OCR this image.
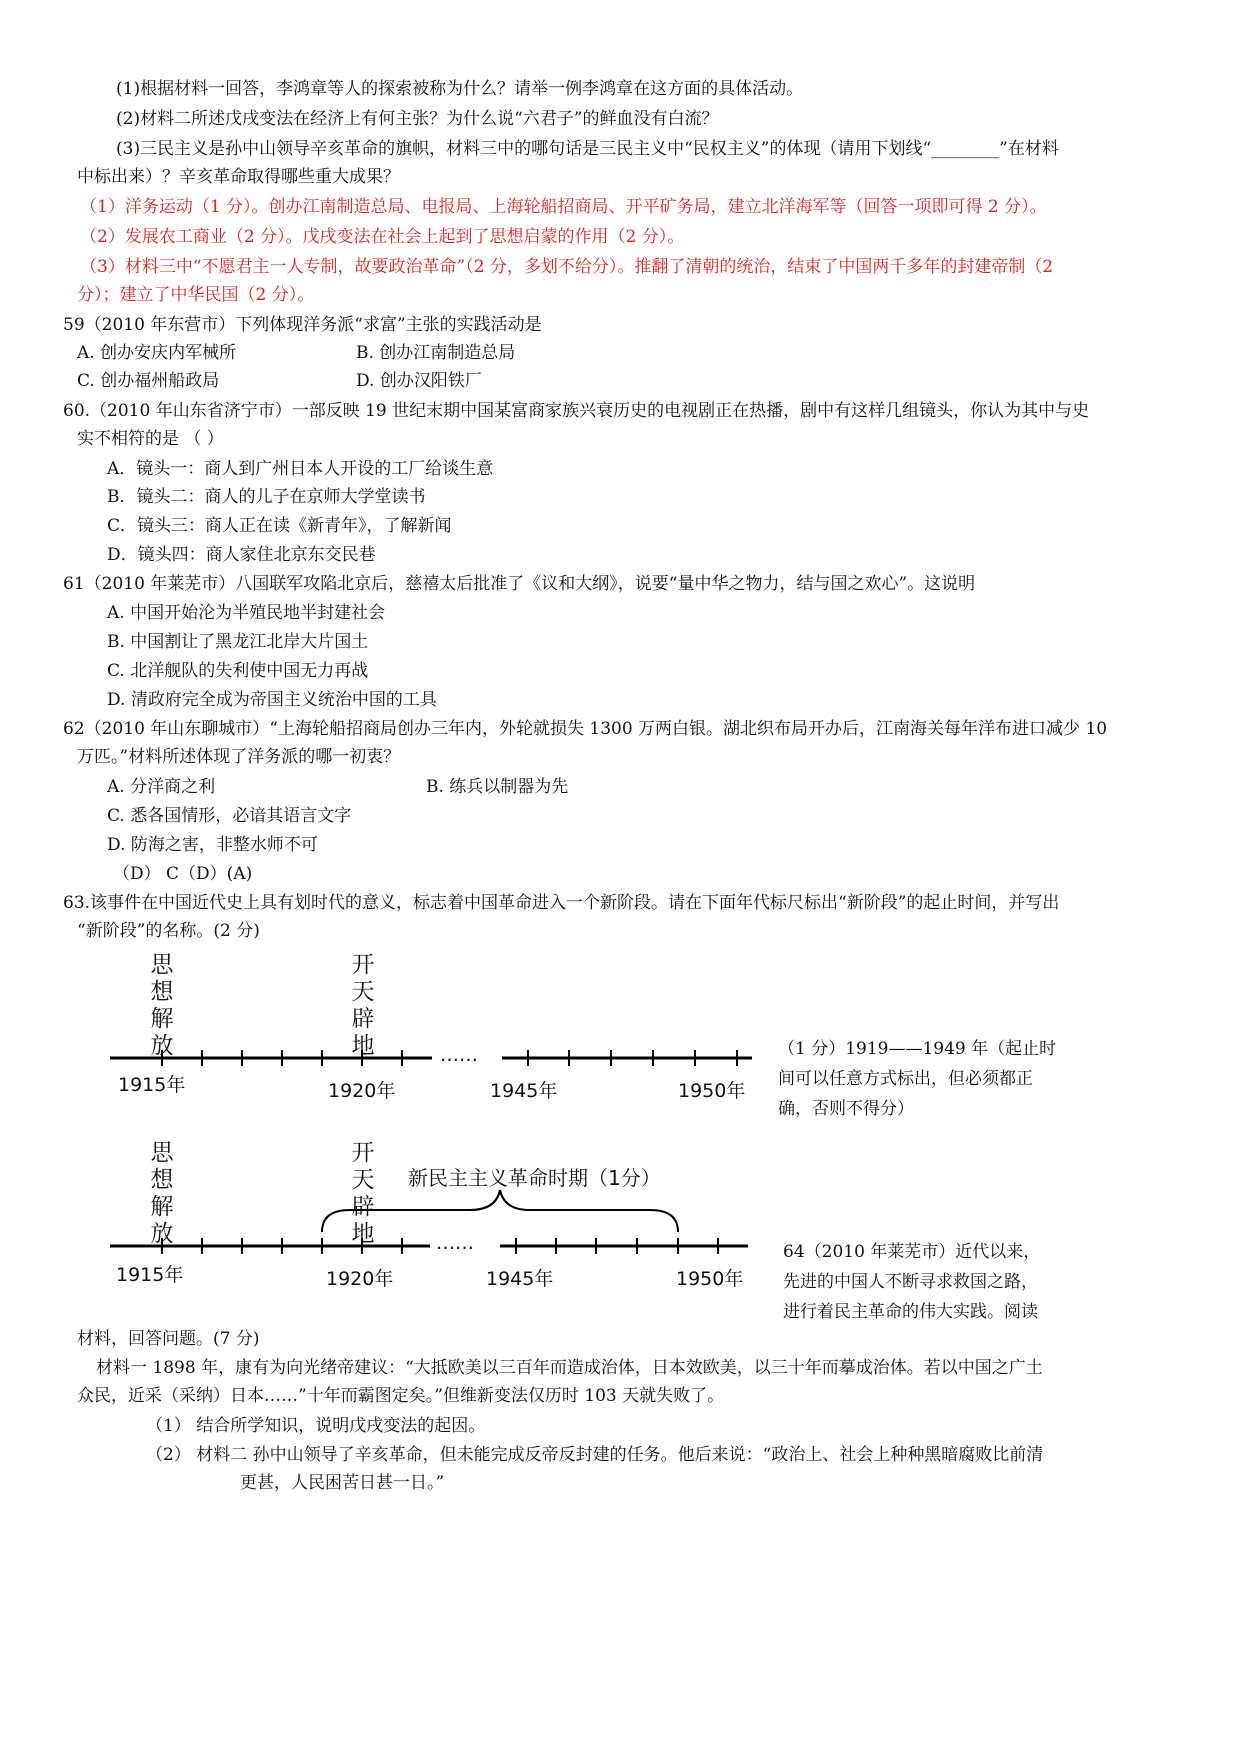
(1)根据材料一回答，李鸿章等人的探索被称为什么？请举一例李鸿章在这方面的具体活动。
(2)材料二所述戊戌变法在经济上有何主张？为什么说“六君子”的鲜血没有白流？
(3)三民主义是孙中山领导辛亥革命的旗帜，材料三中的哪句话是三民主义中“民权主义”的体现（请用下划线“________”在材料
中标出来）？辛亥革命取得哪些重大成果？
（1）洋务运动（1 分）。创办江南制造总局、电报局、上海轮船招商局、开平矿务局，建立北洋海军等（回答一项即可得 2 分）。
（2）发展农工商业（2 分）。戊戌变法在社会上起到了思想启蒙的作用（2 分）。
（3）材料三中“不愿君主一人专制，故要政治革命”（2 分，多划不给分）。推翻了清朝的统治，结束了中国两千多年的封建帝制（2
分）；建立了中华民国（2 分）。
59（2010 年东营市）下列体现洋务派“求富”主张的实践活动是
A. 创办安庆内军械所	B. 创办江南制造总局
C. 创办福州船政局	D. 创办汉阳铁厂
60.（2010 年山东省济宁市）一部反映 19 世纪末期中国某富商家族兴衰历史的电视剧正在热播，剧中有这样几组镜头，你认为其中与史
实不相符的是 （ ）
A．镜头一：商人到广州日本人开设的工厂给谈生意
B．镜头二：商人的儿子在京师大学堂读书
C．镜头三：商人正在读《新青年》，了解新闻
D．镜头四：商人家住北京东交民巷
61（2010 年莱芜市）八国联军攻陷北京后，慈禧太后批准了《议和大纲》，说要“量中华之物力，结与国之欢心”。这说明
A. 中国开始沦为半殖民地半封建社会
B. 中国割让了黑龙江北岸大片国土
C. 北洋舰队的失利使中国无力再战
D. 清政府完全成为帝国主义统治中国的工具
62（2010 年山东聊城市）“上海轮船招商局创办三年内，外轮就损失 1300 万两白银。湖北织布局开办后，江南海关每年洋布进口减少 10
万匹。”材料所述体现了洋务派的哪一初衷？
A. 分洋商之利	B. 练兵以制器为先
C. 悉各国情形，必谙其语言文字
D. 防海之害，非整水师不可
（D） C（D）(A)
63.该事件在中国近代史上具有划时代的意义，标志着中国革命进入一个新阶段。请在下面年代标尺标出“新阶段”的起止时间，并写出
“新阶段”的名称。(2 分)
思想解放
开天辟地	……
1915年	1920年	1945年	1950年
（1 分）1919——1949 年（起止时
间可以任意方式标出，但必须都正
确，否则不得分）
思想解放
开天辟地
新民主主义革命时期（1分）
……
1915年	1920年	1945年	1950年
64（2010 年莱芜市）近代以来，
先进的中国人不断寻求救国之路，
进行着民主革命的伟大实践。阅读
材料，回答问题。(7 分)
材料一 1898 年，康有为向光绪帝建议：“大抵欧美以三百年而造成治体，日本效欧美，以三十年而摹成治体。若以中国之广土
众民，近采（采纳）日本……”十年而霸图定矣。”但维新变法仅历时 103 天就失败了。
（1） 结合所学知识，说明戊戌变法的起因。
（2） 材料二 孙中山领导了辛亥革命，但未能完成反帝反封建的任务。他后来说：“政治上、社会上种种黑暗腐败比前清
更甚，人民困苦日甚一日。”
